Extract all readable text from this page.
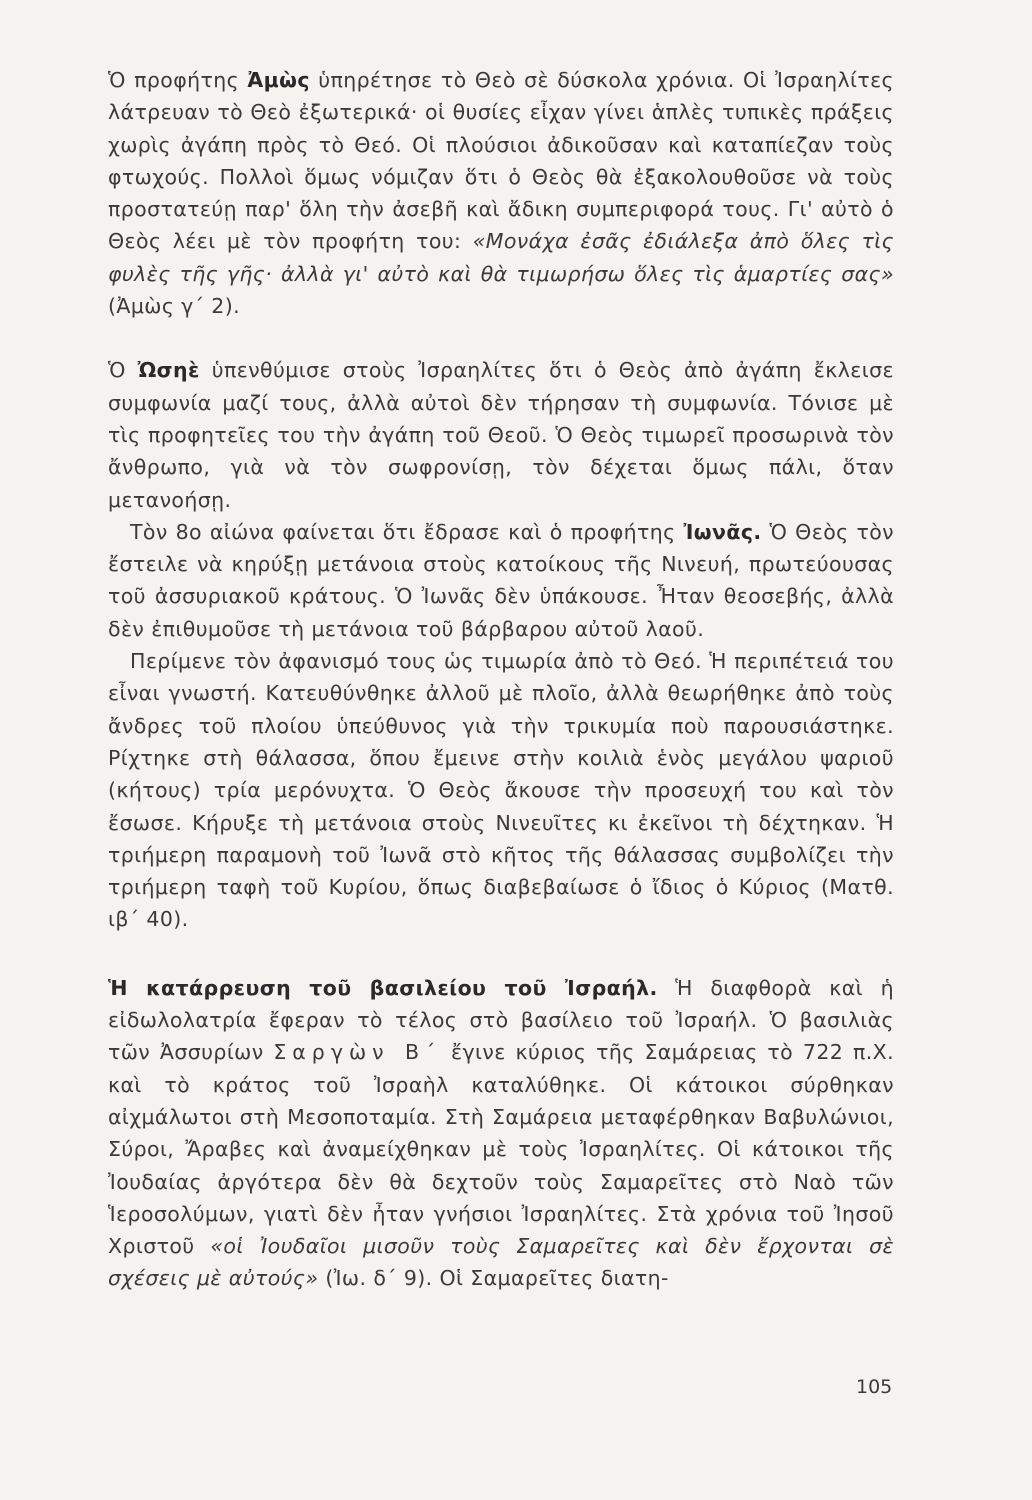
Ὁ προφήτης Ἀμὼς ὑπηρέτησε τὸ Θεὸ σὲ δύσκολα χρόνια. Οἱ Ἰσραηλίτες λάτρευαν τὸ Θεὸ ἐξωτερικά· οἱ θυσίες εἶχαν γίνει ἁπλὲς τυπικὲς πράξεις χωρὶς ἀγάπη πρὸς τὸ Θεό. Οἱ πλούσιοι ἀδικοῦσαν καὶ καταπίεζαν τοὺς φτωχούς. Πολλοὶ ὅμως νόμιζαν ὅτι ὁ Θεὸς θὰ ἐξακολουθοῦσε νὰ τοὺς προστατεύῃ παρ' ὅλη τὴν ἀσεβῆ καὶ ἄδικη συμπεριφορά τους. Γι' αὐτὸ ὁ Θεὸς λέει μὲ τὸν προφήτη του: «Μονάχα ἐσᾶς ἐδιάλεξα ἀπὸ ὅλες τὶς φυλὲς τῆς γῆς· ἀλλὰ γι' αὐτὸ καὶ θὰ τιμωρήσω ὅλες τὶς ἁμαρτίες σας» (Ἀμὼς γ΄ 2).

Ὁ Ὠσηὲ ὑπενθύμισε στοὺς Ἰσραηλίτες ὅτι ὁ Θεὸς ἀπὸ ἀγάπη ἔκλεισε συμφωνία μαζί τους, ἀλλὰ αὐτοὶ δὲν τήρησαν τὴ συμφωνία. Τόνισε μὲ τὶς προφητεῖες του τὴν ἀγάπη τοῦ Θεοῦ. Ὁ Θεὸς τιμωρεῖ προσωρινὰ τὸν ἄνθρωπο, γιὰ νὰ τὸν σωφρονίσῃ, τὸν δέχεται ὅμως πάλι, ὅταν μετανοήσῃ.

Τὸν 8ο αἰώνα φαίνεται ὅτι ἔδρασε καὶ ὁ προφήτης Ἰωνᾶς. Ὁ Θεὸς τὸν ἔστειλε νὰ κηρύξῃ μετάνοια στοὺς κατοίκους τῆς Νινευή, πρωτεύουσας τοῦ ἀσσυριακοῦ κράτους. Ὁ Ἰωνᾶς δὲν ὑπάκουσε. Ἦταν θεοσεβής, ἀλλὰ δὲν ἐπιθυμοῦσε τὴ μετάνοια τοῦ βάρβαρου αὐτοῦ λαοῦ.

Περίμενε τὸν ἀφανισμό τους ὡς τιμωρία ἀπὸ τὸ Θεό. Ἡ περιπέτειά του εἶναι γνωστή. Κατευθύνθηκε ἀλλοῦ μὲ πλοῖο, ἀλλὰ θεωρήθηκε ἀπὸ τοὺς ἄνδρες τοῦ πλοίου ὑπεύθυνος γιὰ τὴν τρικυμία ποὺ παρουσιάστηκε. Ρίχτηκε στὴ θάλασσα, ὅπου ἔμεινε στὴν κοιλιὰ ἑνὸς μεγάλου ψαριοῦ (κήτους) τρία μερόνυχτα. Ὁ Θεὸς ἄκουσε τὴν προσευχή του καὶ τὸν ἔσωσε. Κήρυξε τὴ μετάνοια στοὺς Νινευῖτες κι ἐκεῖνοι τὴ δέχτηκαν. Ἡ τριήμερη παραμονὴ τοῦ Ἰωνᾶ στὸ κῆτος τῆς θάλασσας συμβολίζει τὴν τριήμερη ταφὴ τοῦ Κυρίου, ὅπως διαβεβαίωσε ὁ ἴδιος ὁ Κύριος (Ματθ. ιβ΄ 40).

Ἡ κατάρρευση τοῦ βασιλείου τοῦ Ἰσραήλ. Ἡ διαφθορὰ καὶ ἡ εἰδωλολατρία ἔφεραν τὸ τέλος στὸ βασίλειο τοῦ Ἰσραήλ. Ὁ βασιλιὰς τῶν Ἀσσυρίων Σαργὼν Β΄ ἔγινε κύριος τῆς Σαμάρειας τὸ 722 π.Χ. καὶ τὸ κράτος τοῦ Ἰσραὴλ καταλύθηκε. Οἱ κάτοικοι σύρθηκαν αἰχμάλωτοι στὴ Μεσοποταμία. Στὴ Σαμάρεια μεταφέρθηκαν Βαβυλώνιοι, Σύροι, Ἄραβες καὶ ἀναμείχθηκαν μὲ τοὺς Ἰσραηλίτες. Οἱ κάτοικοι τῆς Ἰουδαίας ἀργότερα δὲν θὰ δεχτοῦν τοὺς Σαμαρεῖτες στὸ Ναὸ τῶν Ἱεροσολύμων, γιατὶ δὲν ἦταν γνήσιοι Ἰσραηλίτες. Στὰ χρόνια τοῦ Ἰησοῦ Χριστοῦ «οἱ Ἰουδαῖοι μισοῦν τοὺς Σαμαρεῖτες καὶ δὲν ἔρχονται σὲ σχέσεις μὲ αὐτούς» (Ἰω. δ΄ 9). Οἱ Σαμαρεῖτες διατη-

105
